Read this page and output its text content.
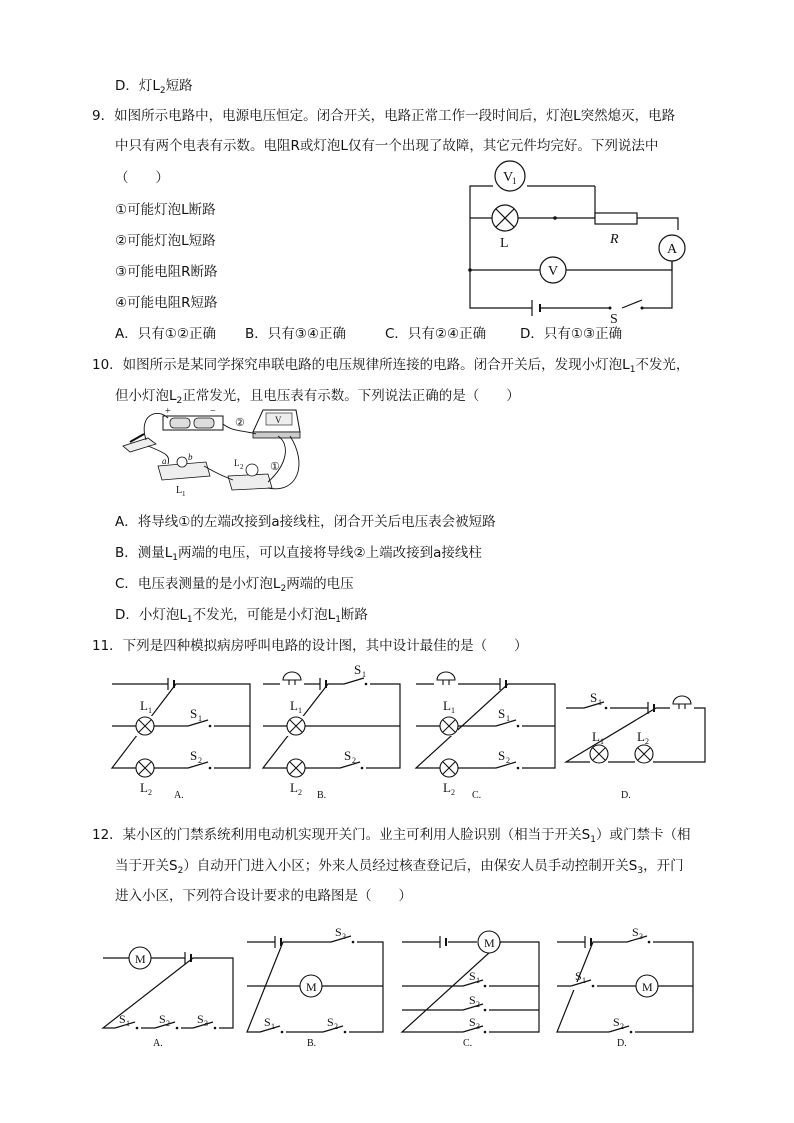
D．灯$L_2$短路
9．如图所示电路中，电源电压恒定。闭合开关，电路正常工作一段时间后，灯泡L突然熄灭，电路
中只有两个电表有示数。电阻R或灯泡L仅有一个出现了故障，其它元件均完好。下列说法中
（　　）
①可能灯泡L断路
②可能灯泡L短路
③可能电阻R断路
④可能电阻R短路
A．只有①②正确 B．只有③④正确	C．只有②④正确	D．只有①③正确
V
1
L	R
A
V
S
10．如图所示是某同学探究串联电路的电压规律所连接的电路。闭合开关后，发现小灯泡$L_1$不发光，
但小灯泡$L_2$正常发光，且电压表有示数。下列说法正确的是（　　）
+	−
V
a b
L 1
L 2
②
①
A．将导线①的左端改接到a接线柱，闭合开关后电压表会被短路
B．测量$L_1$两端的电压，可以直接将导线②上端改接到a接线柱
C．电压表测量的是小灯泡$L_2$两端的电压
D．小灯泡$L_1$不发光，可能是小灯泡$L_1$断路
11．下列是四种模拟病房呼叫电路的设计图，其中设计最佳的是（　　）
L 1
L 2
S 1
S 2
A.
S 1
L 1
L 2
S 2
B.
L 1
L 2
S 1
S 2
C.
S 1
L 1	L 2
D.
12．某小区的门禁系统利用电动机实现开关门。业主可利用人脸识别（相当于开关$S_1$）或门禁卡（相
当于开关$S_2$）自动开门进入小区；外来人员经过核查登记后，由保安人员手动控制开关$S_3$，开门
进入小区，下列符合设计要求的电路图是（　　）
M
S 1 S 2 S 3
A.
S 3
M
S 1	S 2
B.
M
S 1
S 2
S 3
C.
S 3
S 1	M
S 2
D.
